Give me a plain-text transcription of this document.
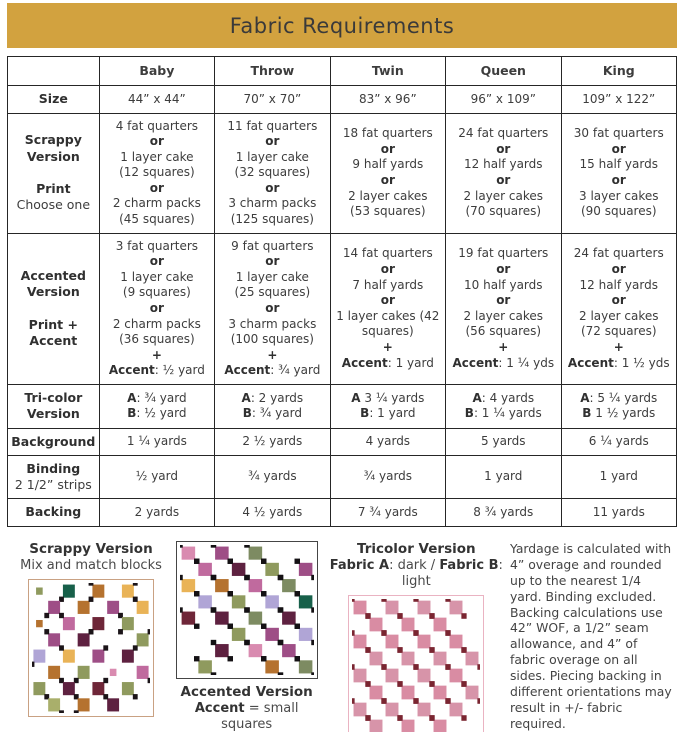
Fabric Requirements
	Baby	Throw	Twin	Queen	King
Size	44” x 44”	70” x 70”	83” x 96”	96” x 109”	109” x 122”
Scrappy
Version

Print
Choose one	4 fat quarters
or
1 layer cake
(12 squares)
or
2 charm packs
(45 squares)	11 fat quarters
or
1 layer cake
(32 squares)
or
3 charm packs
(125 squares)	18 fat quarters
or
9 half yards
or
2 layer cakes
(53 squares)	24 fat quarters
or
12 half yards
or
2 layer cakes
(70 squares)	30 fat quarters
or
15 half yards
or
3 layer cakes
(90 squares)
Accented
Version

Print +
Accent	3 fat quarters
or
1 layer cake
(9 squares)
or
2 charm packs
(36 squares)
+
Accent: ½ yard	9 fat quarters
or
1 layer cake
(25 squares)
or
3 charm packs
(100 squares)
+
Accent: ¾ yard	14 fat quarters
or
7 half yards
or
1 layer cakes (42 squares)
+
Accent: 1 yard	19 fat quarters
or
10 half yards
or
2 layer cakes
(56 squares)
+
Accent: 1 ¼ yds	24 fat quarters
or
12 half yards
or
2 layer cakes
(72 squares)
+
Accent: 1 ½ yds
Tri-color
Version	A: ¾ yard
B: ½ yard	A: 2 yards
B: ¾ yard	A 3 ¼ yards
B: 1 yard	A: 4 yards
B: 1 ¼ yards	A: 5 ¼ yards
B 1 ½ yards
Background	1 ¼ yards	2 ½ yards	4 yards	5 yards	6 ¼ yards
Binding
2 1/2” strips	½ yard	¾ yards	¾ yards	1 yard	1 yard
Backing	2 yards	4 ½ yards	7 ¾ yards	8 ¾ yards	11 yards
Scrappy Version
Mix and match blocks
Accented Version
Accent = small squares
Tricolor Version
Fabric A: dark / Fabric B: light
Yardage is calculated with 4” overage and rounded up to the nearest 1/4 yard. Binding excluded. Backing calculations use 42” WOF, a 1/2” seam allowance, and 4” of fabric overage on all sides. Piecing backing in different orientations may result in +/- fabric required.
